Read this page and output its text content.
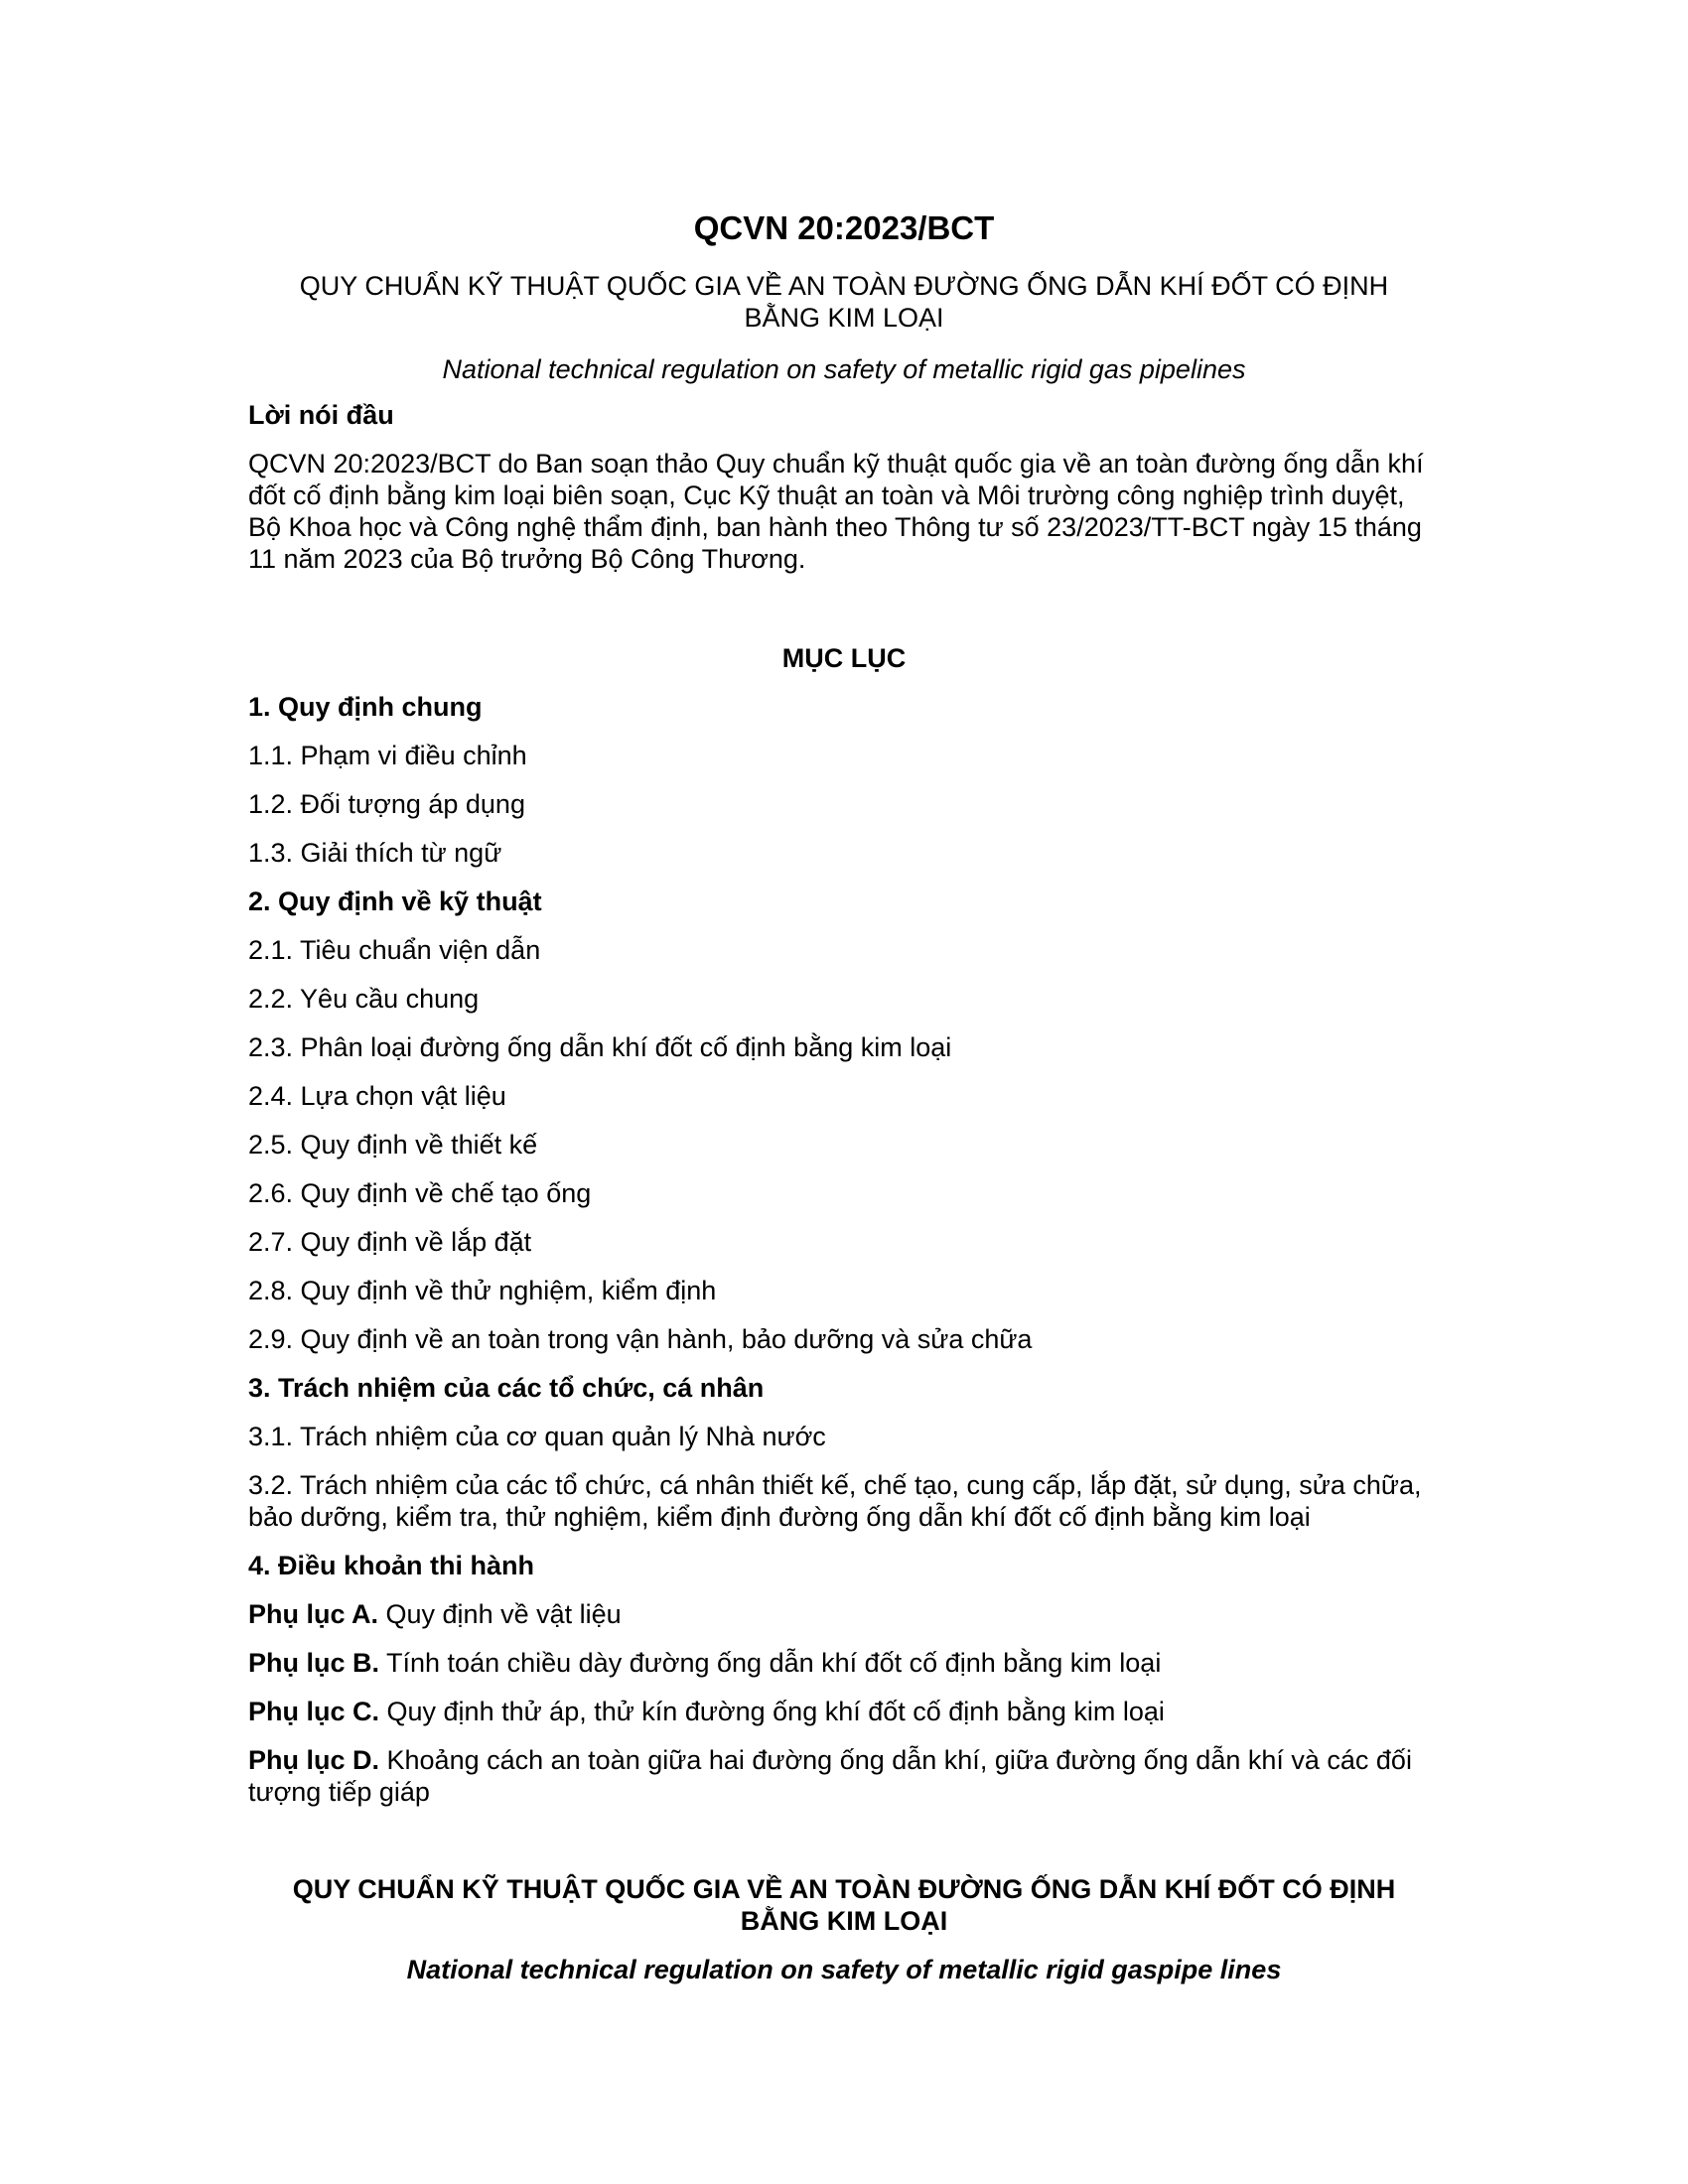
QCVN 20:2023/BCT
QUY CHUẨN KỸ THUẬT QUỐC GIA VỀ AN TOÀN ĐƯỜNG ỐNG DẪN KHÍ ĐỐT CÓ ĐỊNH BẰNG KIM LOẠI
National technical regulation on safety of metallic rigid gas pipelines
Lời nói đầu
QCVN 20:2023/BCT do Ban soạn thảo Quy chuẩn kỹ thuật quốc gia về an toàn đường ống dẫn khí đốt cố định bằng kim loại biên soạn, Cục Kỹ thuật an toàn và Môi trường công nghiệp trình duyệt, Bộ Khoa học và Công nghệ thẩm định, ban hành theo Thông tư số 23/2023/TT-BCT ngày 15 tháng 11 năm 2023 của Bộ trưởng Bộ Công Thương.
MỤC LỤC
1. Quy định chung
1.1. Phạm vi điều chỉnh
1.2. Đối tượng áp dụng
1.3. Giải thích từ ngữ
2. Quy định về kỹ thuật
2.1. Tiêu chuẩn viện dẫn
2.2. Yêu cầu chung
2.3. Phân loại đường ống dẫn khí đốt cố định bằng kim loại
2.4. Lựa chọn vật liệu
2.5. Quy định về thiết kế
2.6. Quy định về chế tạo ống
2.7. Quy định về lắp đặt
2.8. Quy định về thử nghiệm, kiểm định
2.9. Quy định về an toàn trong vận hành, bảo dưỡng và sửa chữa
3. Trách nhiệm của các tổ chức, cá nhân
3.1. Trách nhiệm của cơ quan quản lý Nhà nước
3.2. Trách nhiệm của các tổ chức, cá nhân thiết kế, chế tạo, cung cấp, lắp đặt, sử dụng, sửa chữa, bảo dưỡng, kiểm tra, thử nghiệm, kiểm định đường ống dẫn khí đốt cố định bằng kim loại
4. Điều khoản thi hành
Phụ lục A. Quy định về vật liệu
Phụ lục B. Tính toán chiều dày đường ống dẫn khí đốt cố định bằng kim loại
Phụ lục C. Quy định thử áp, thử kín đường ống khí đốt cố định bằng kim loại
Phụ lục D. Khoảng cách an toàn giữa hai đường ống dẫn khí, giữa đường ống dẫn khí và các đối tượng tiếp giáp
QUY CHUẨN KỸ THUẬT QUỐC GIA VỀ AN TOÀN ĐƯỜNG ỐNG DẪN KHÍ ĐỐT CÓ ĐỊNH BẰNG KIM LOẠI
National technical regulation on safety of metallic rigid gaspipe lines
